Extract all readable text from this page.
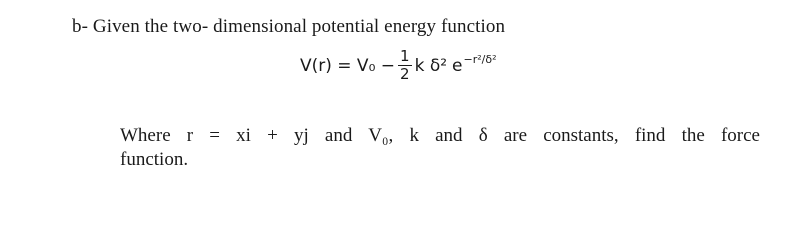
b- Given the two- dimensional potential energy function
$V(r) = V_0 - \frac{1}{2}$ k δ² e −r²/δ²
Where r = xi + yj and V₀, k and δ are constants, find the force
function.
